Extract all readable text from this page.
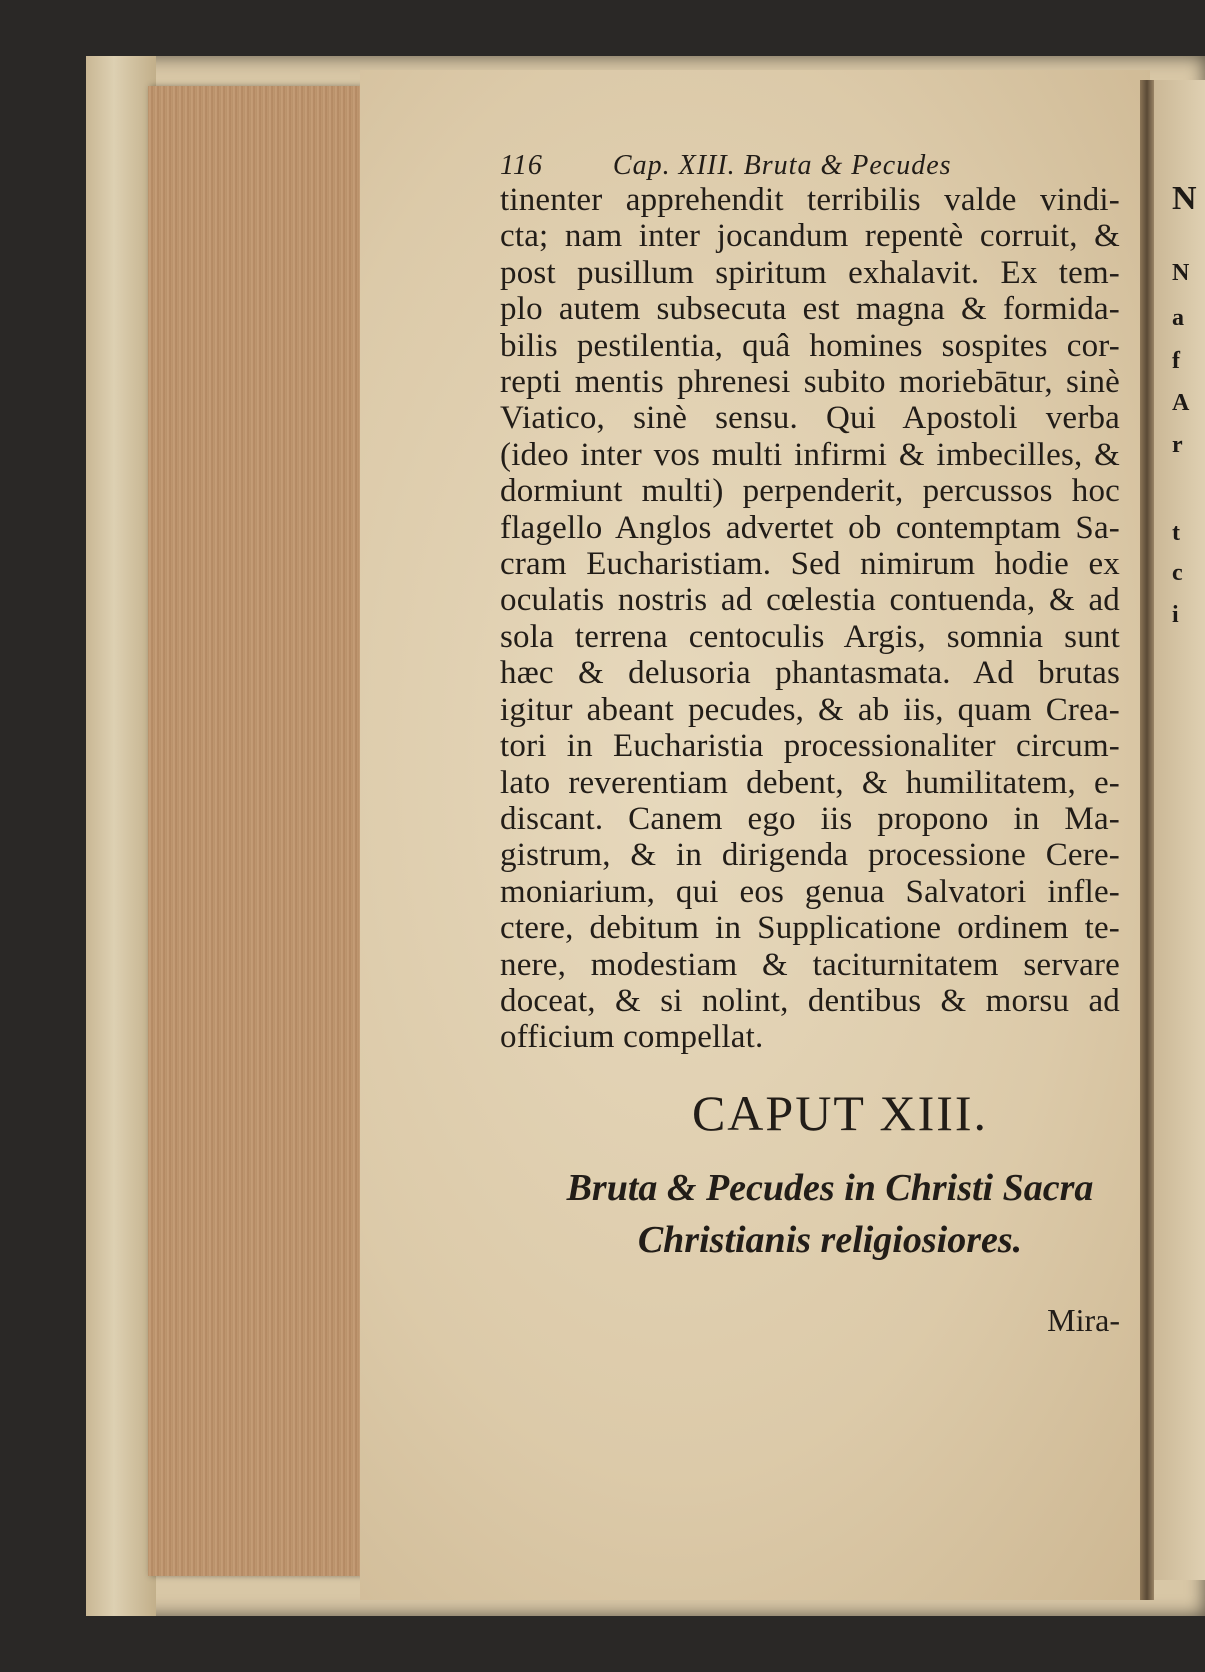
N
N
a
f
A
r
t
c
i
116	Cap. XIII. Bruta & Pecudes
tinenter apprehendit terribilis valde vindi-
cta; nam inter jocandum repentè corruit, &
post pusillum spiritum exhalavit. Ex tem-
plo autem subsecuta est magna & formida-
bilis pestilentia, quâ homines sospites cor-
repti mentis phrenesi subito moriebātur, sinè
Viatico, sinè sensu. Qui Apostoli verba
(ideo inter vos multi infirmi & imbecilles, &
dormiunt multi) perpenderit, percussos hoc
flagello Anglos advertet ob contemptam Sa-
cram Eucharistiam. Sed nimirum hodie ex
oculatis nostris ad cœlestia contuenda, & ad
sola terrena centoculis Argis, somnia sunt
hæc & delusoria phantasmata. Ad brutas
igitur abeant pecudes, & ab iis, quam Crea-
tori in Eucharistia processionaliter circum-
lato reverentiam debent, & humilitatem, e-
discant. Canem ego iis propono in Ma-
gistrum, & in dirigenda processione Cere-
moniarium, qui eos genua Salvatori infle-
ctere, debitum in Supplicatione ordinem te-
nere, modestiam & taciturnitatem servare
doceat, & si nolint, dentibus & morsu ad
officium compellat.
CAPUT XIII.
Bruta & Pecudes in Christi Sacra
Christianis religiosiores.
Mira-
